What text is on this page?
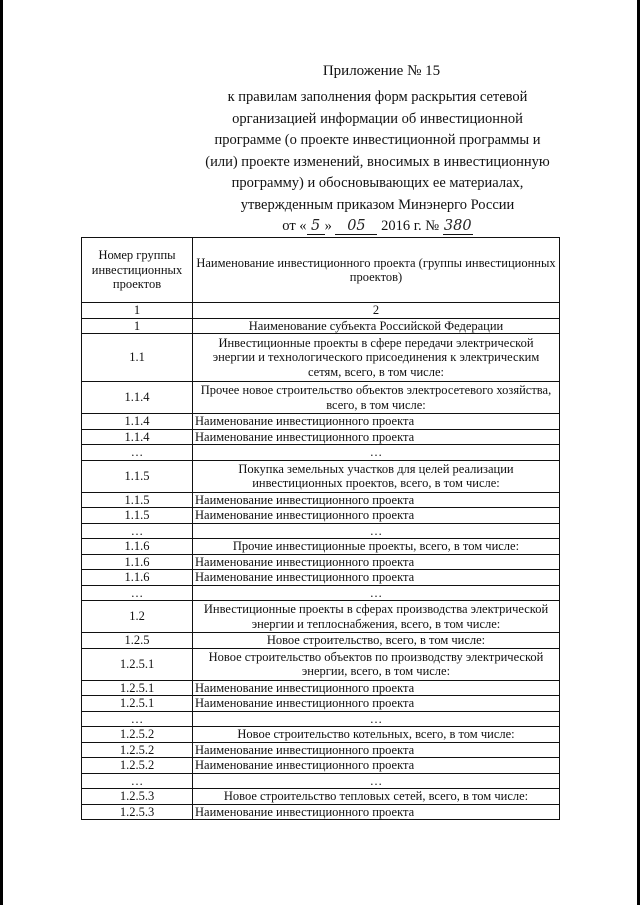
Приложение № 15
к правилам заполнения форм раскрытия сетевой
организацией информации об инвестиционной
программе (о проекте инвестиционной программы и
(или) проекте изменений, вносимых в инвестиционную
программу) и обосновывающих ее материалах,
утвержденным приказом Минэнерго России
от « 5 » 05 2016 г. № 380
Номер группы инвестиционных проектов	Наименование инвестиционного проекта (группы инвестиционных проектов)
1	2
1	Наименование субъекта Российской Федерации
1.1	Инвестиционные проекты в сфере передачи электрической энергии и технологического присоединения к электрическим сетям, всего, в том числе:
1.1.4	Прочее новое строительство объектов электросетевого хозяйства, всего, в том числе:
1.1.4	Наименование инвестиционного проекта
1.1.4	Наименование инвестиционного проекта
…	…
1.1.5	Покупка земельных участков для целей реализации инвестиционных проектов, всего, в том числе:
1.1.5	Наименование инвестиционного проекта
1.1.5	Наименование инвестиционного проекта
…	…
1.1.6	Прочие инвестиционные проекты, всего, в том числе:
1.1.6	Наименование инвестиционного проекта
1.1.6	Наименование инвестиционного проекта
…	…
1.2	Инвестиционные проекты в сферах производства электрической энергии и теплоснабжения, всего, в том числе:
1.2.5	Новое строительство, всего, в том числе:
1.2.5.1	Новое строительство объектов по производству электрической энергии, всего, в том числе:
1.2.5.1	Наименование инвестиционного проекта
1.2.5.1	Наименование инвестиционного проекта
…	…
1.2.5.2	Новое строительство котельных, всего, в том числе:
1.2.5.2	Наименование инвестиционного проекта
1.2.5.2	Наименование инвестиционного проекта
…	…
1.2.5.3	Новое строительство тепловых сетей, всего, в том числе:
1.2.5.3	Наименование инвестиционного проекта
